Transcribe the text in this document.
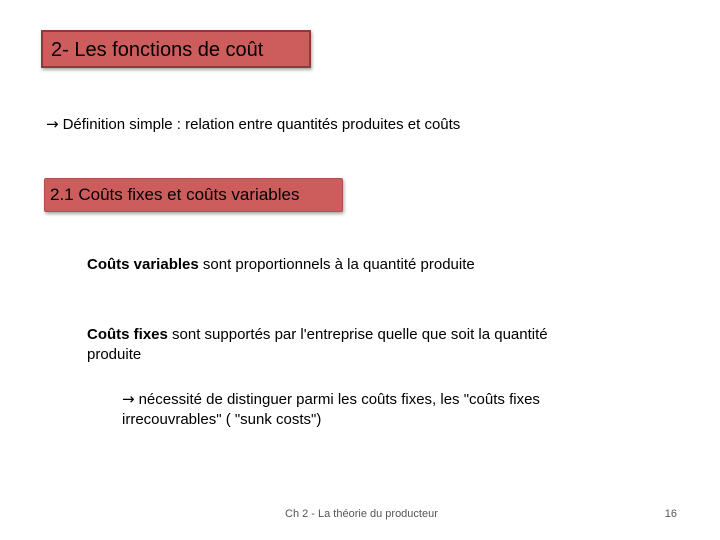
2- Les fonctions de coût
→ Définition simple : relation entre quantités produites et coûts
2.1 Coûts fixes et coûts variables
Coûts variables sont proportionnels à la quantité produite
Coûts fixes sont supportés par l'entreprise quelle que soit la quantité produite
→ nécessité de distinguer parmi les coûts fixes, les "coûts fixes irrecouvrables" ( "sunk costs")
Ch 2 - La théorie du producteur	16
